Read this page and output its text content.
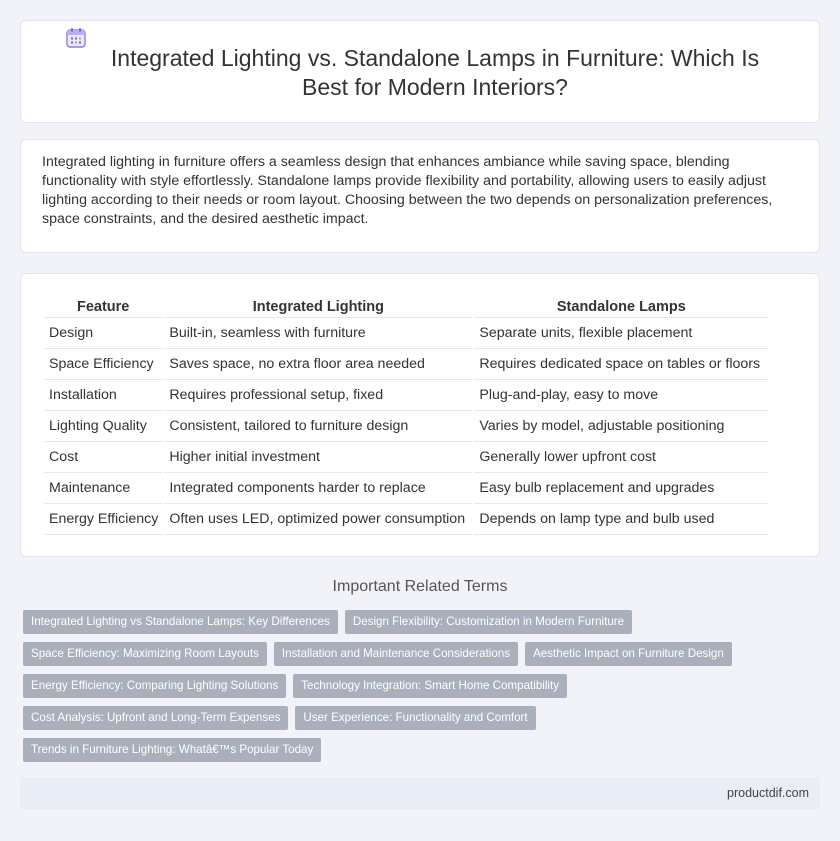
Integrated Lighting vs. Standalone Lamps in Furniture: Which Is Best for Modern Interiors?

Integrated lighting in furniture offers a seamless design that enhances ambiance while saving space, blending functionality with style effortlessly. Standalone lamps provide flexibility and portability, allowing users to easily adjust lighting according to their needs or room layout. Choosing between the two depends on personalization preferences, space constraints, and the desired aesthetic impact.

Feature	Integrated Lighting	Standalone Lamps
Design	Built-in, seamless with furniture	Separate units, flexible placement
Space Efficiency	Saves space, no extra floor area needed	Requires dedicated space on tables or floors
Installation	Requires professional setup, fixed	Plug-and-play, easy to move
Lighting Quality	Consistent, tailored to furniture design	Varies by model, adjustable positioning
Cost	Higher initial investment	Generally lower upfront cost
Maintenance	Integrated components harder to replace	Easy bulb replacement and upgrades
Energy Efficiency	Often uses LED, optimized power consumption	Depends on lamp type and bulb used
Important Related Terms
Integrated Lighting vs Standalone Lamps: Key Differences	Design Flexibility: Customization in Modern Furniture
Space Efficiency: Maximizing Room Layouts	Installation and Maintenance Considerations	Aesthetic Impact on Furniture Design
Energy Efficiency: Comparing Lighting Solutions	Technology Integration: Smart Home Compatibility
Cost Analysis: Upfront and Long-Term Expenses	User Experience: Functionality and Comfort
Trends in Furniture Lighting: Whatâ€™s Popular Today
productdif.com
